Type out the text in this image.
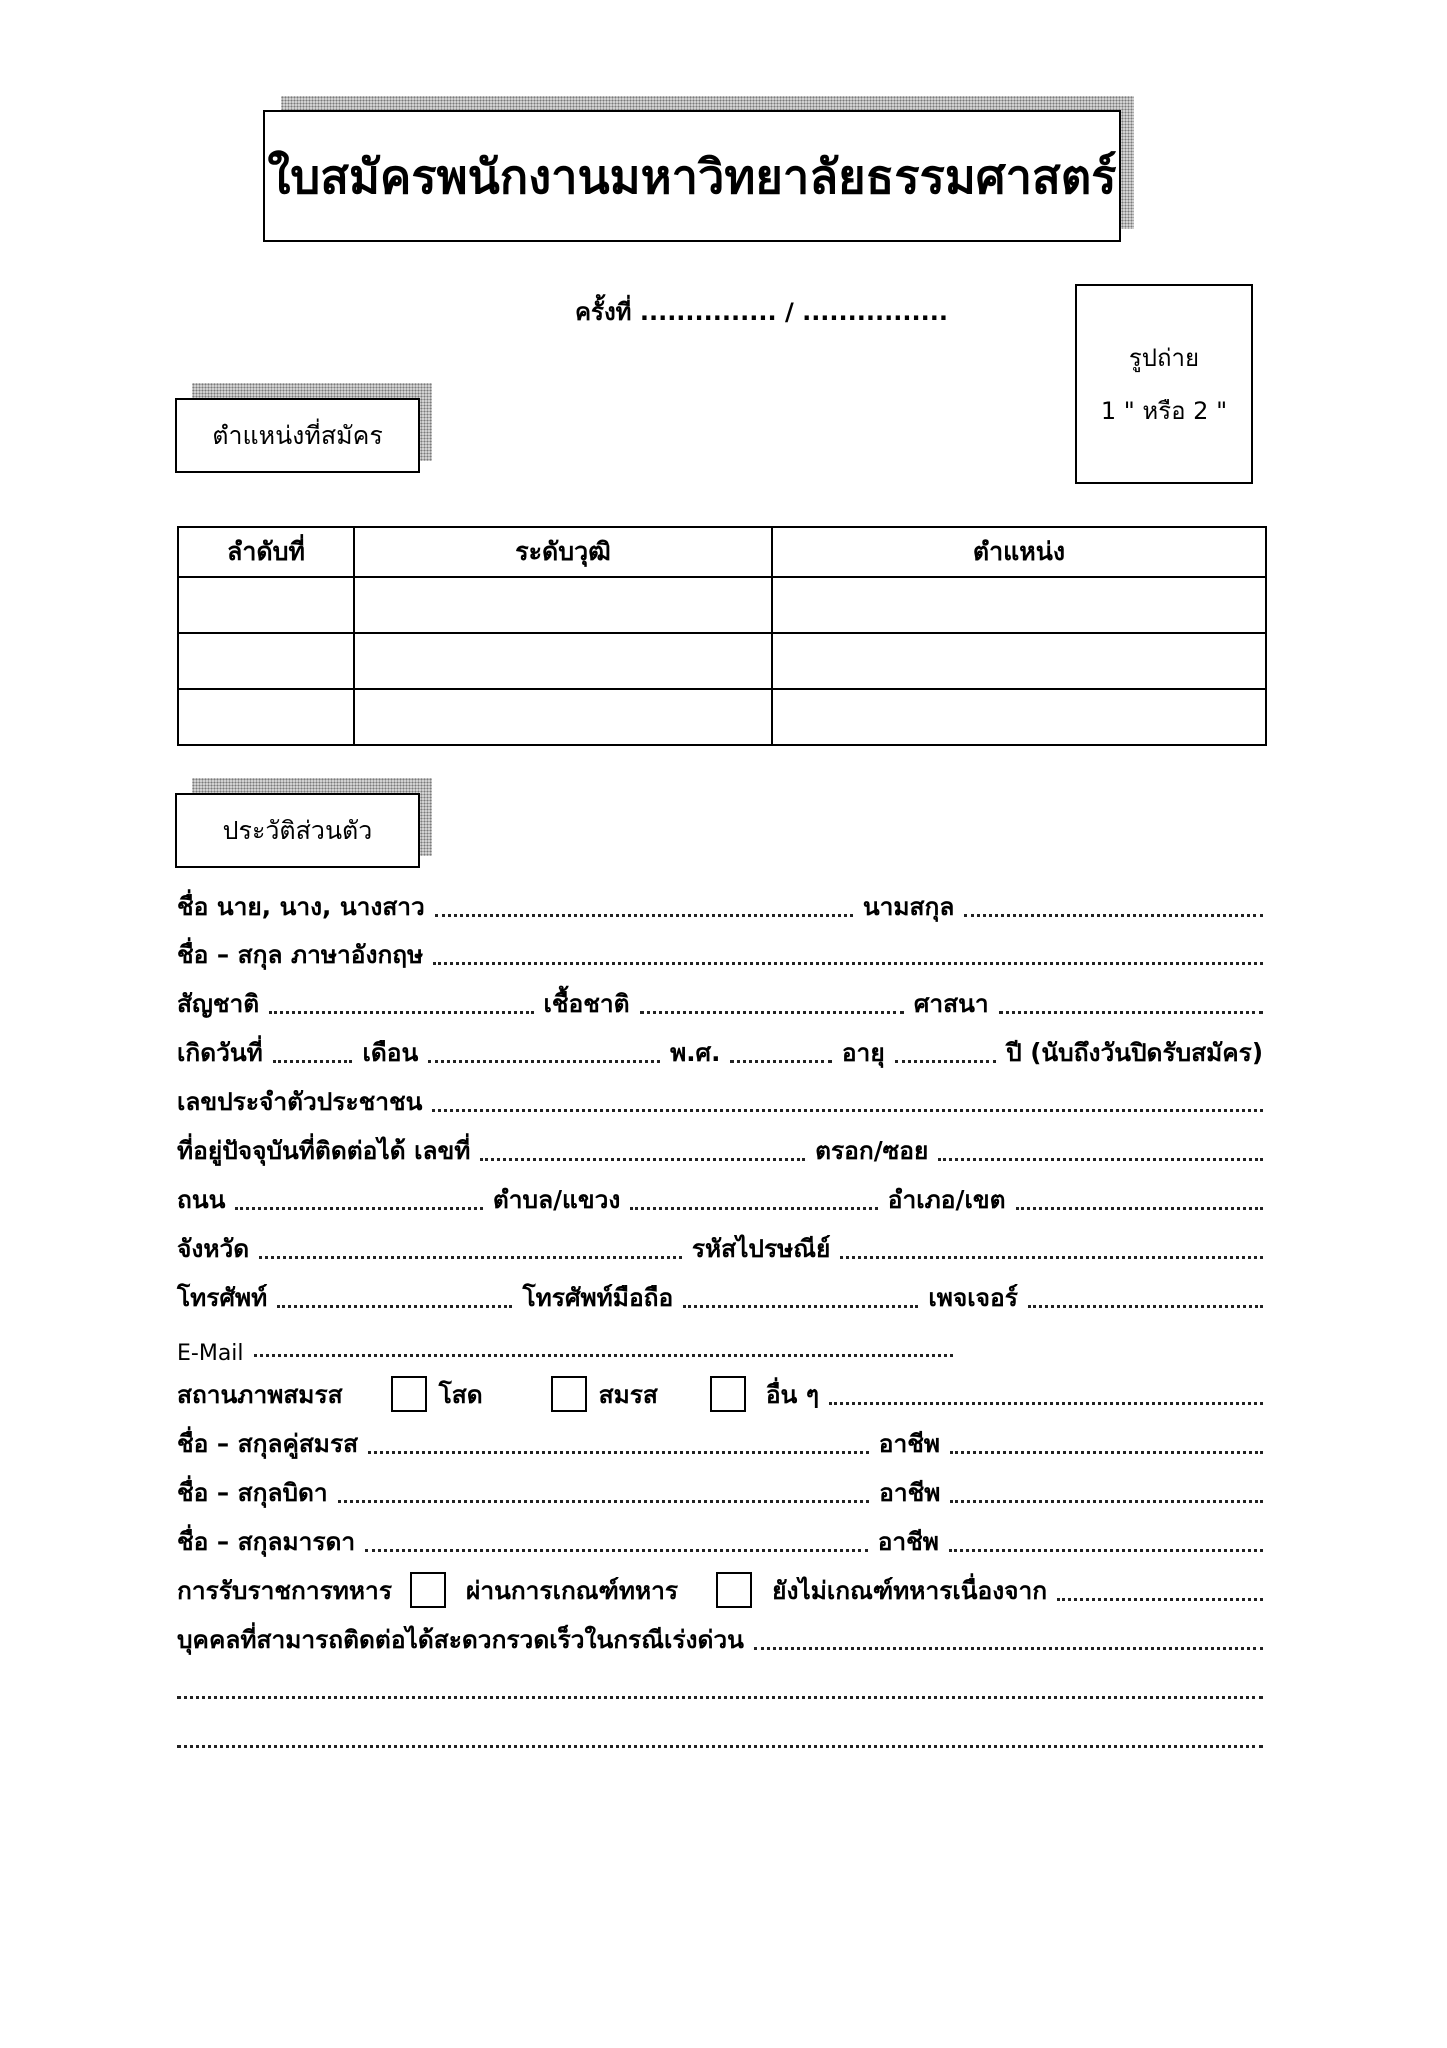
ใบสมัครพนักงานมหาวิทยาลัยธรรมศาสตร์
ครั้งที่ ............... / ................
รูปถ่าย
1 " หรือ 2 "
ตำแหน่งที่สมัคร
ลำดับที่	ระดับวุฒิ	ตำแหน่ง

ประวัติส่วนตัว
ชื่อ นาย, นาง, นางสาว	นามสกุล
ชื่อ – สกุล ภาษาอังกฤษ
สัญชาติ	เชื้อชาติ	ศาสนา
เกิดวันที่	เดือน	พ.ศ.	อายุ	ปี (นับถึงวันปิดรับสมัคร)
เลขประจำตัวประชาชน
ที่อยู่ปัจจุบันที่ติดต่อได้ เลขที่	ตรอก/ซอย
ถนน	ตำบล/แขวง	อำเภอ/เขต
จังหวัด	รหัสไปรษณีย์
โทรศัพท์	โทรศัพท์มือถือ	เพจเจอร์
E-Mail
สถานภาพสมรส	โสด	สมรส	อื่น ๆ
ชื่อ – สกุลคู่สมรส	อาชีพ
ชื่อ – สกุลบิดา	อาชีพ
ชื่อ – สกุลมารดา	อาชีพ
การรับราชการทหาร	ผ่านการเกณฑ์ทหาร	ยังไม่เกณฑ์ทหารเนื่องจาก
บุคคลที่สามารถติดต่อได้สะดวกรวดเร็วในกรณีเร่งด่วน
